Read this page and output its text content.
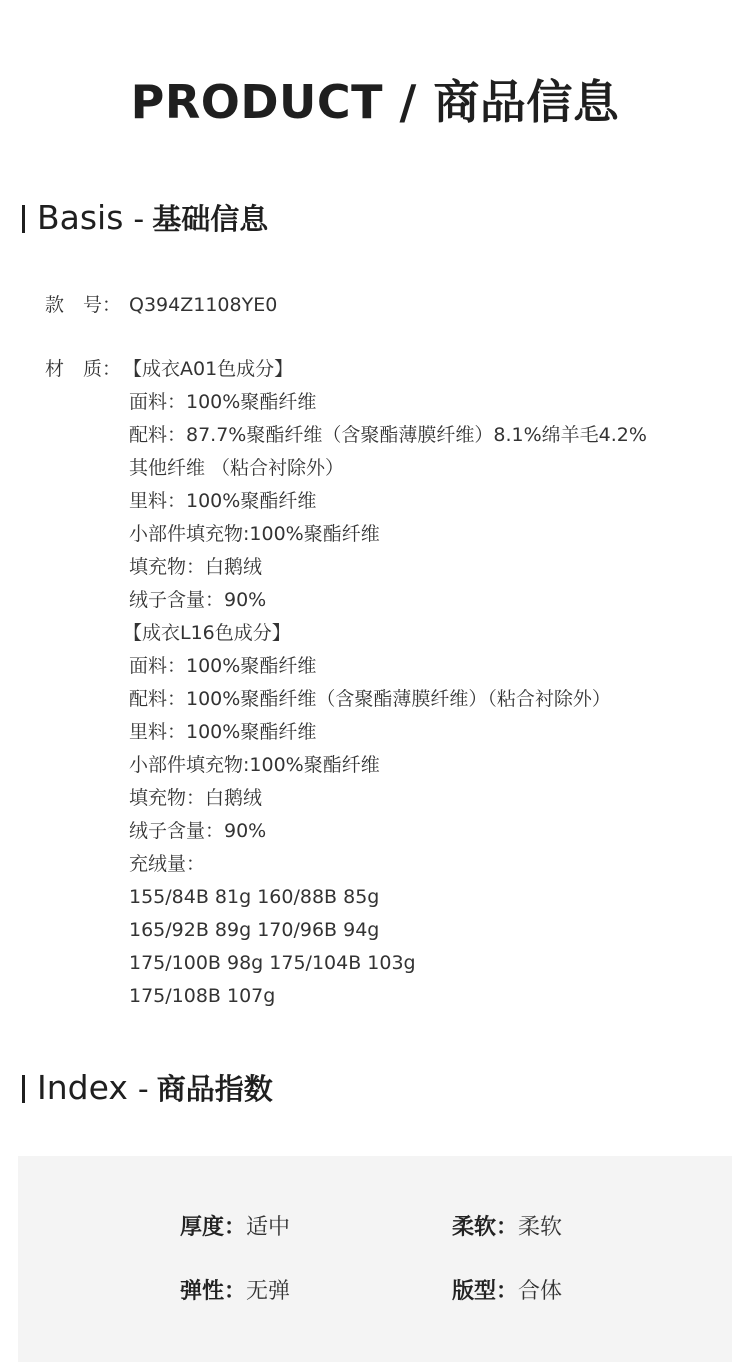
PRODUCT / 商品信息
Basis - 基础信息
款　号： Q394Z1108YE0
材　质： 【成衣A01色成分】
面料：100%聚酯纤维
配料：87.7%聚酯纤维（含聚酯薄膜纤维）8.1%绵羊毛4.2%
其他纤维 （粘合衬除外）
里料：100%聚酯纤维
小部件填充物:100%聚酯纤维
填充物：白鹅绒
绒子含量：90%
【成衣L16色成分】
面料：100%聚酯纤维
配料：100%聚酯纤维（含聚酯薄膜纤维）（粘合衬除外）
里料：100%聚酯纤维
小部件填充物:100%聚酯纤维
填充物：白鹅绒
绒子含量：90%
充绒量：
155/84B 81g 160/88B 85g
165/92B 89g 170/96B 94g
175/100B 98g 175/104B 103g
175/108B 107g
Index - 商品指数
厚度：适中	柔软：柔软
弹性：无弹	版型：合体
